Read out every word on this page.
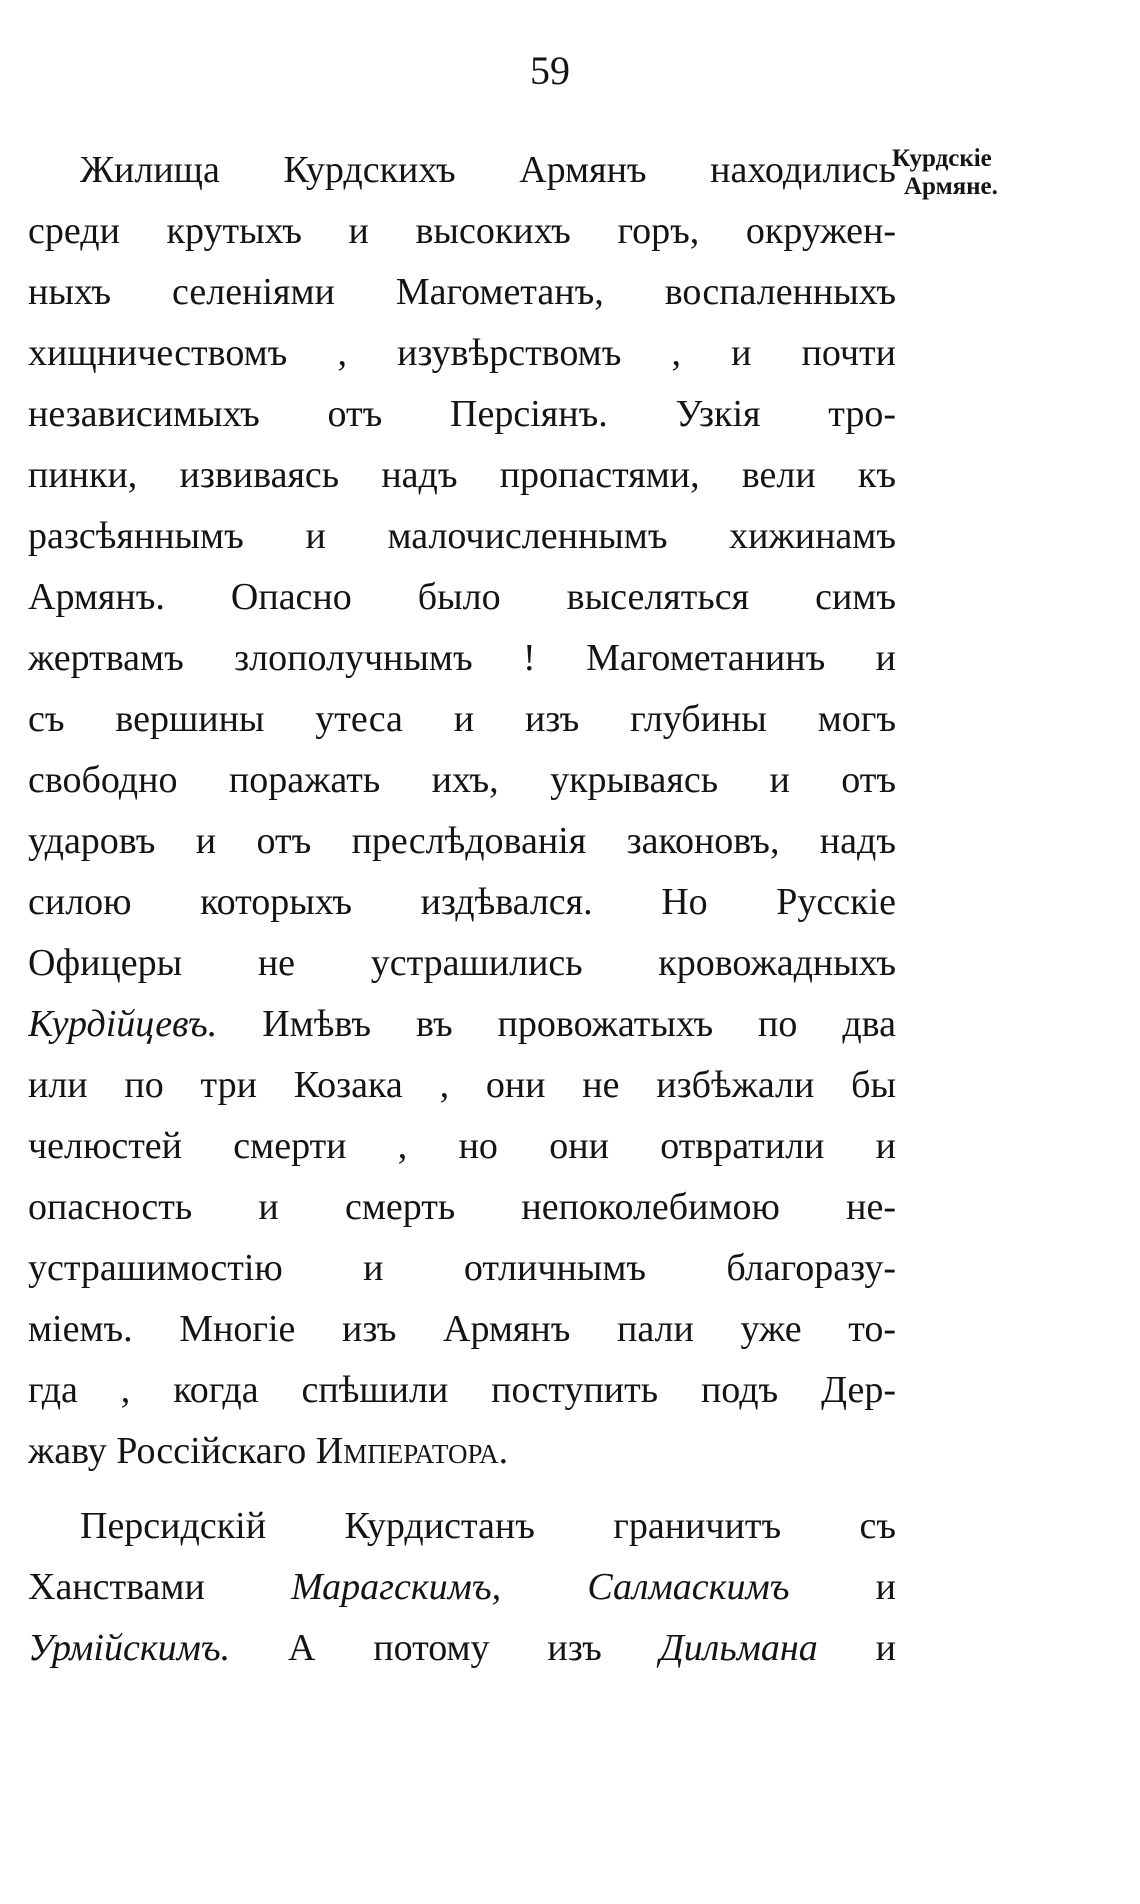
59
Курдскіе
Армяне.
Жилища Курдскихъ Армянъ находились
среди крутыхъ и высокихъ горъ, окружен-
ныхъ селеніями Магометанъ, воспаленныхъ
хищничествомъ , изувѣрствомъ , и почти
независимыхъ отъ Персіянъ. Узкія тро-
пинки, извиваясь надъ пропастями, вели къ
разсѣяннымъ и малочисленнымъ хижинамъ
Армянъ. Опасно было выселяться симъ
жертвамъ злополучнымъ ! Магометанинъ и
съ вершины утеса и изъ глубины могъ
свободно поражать ихъ, укрываясь и отъ
ударовъ и отъ преслѣдованія законовъ, надъ
силою которыхъ издѣвался. Но Русскіе
Офицеры не устрашились кровожадныхъ
Курдійцевъ. Имѣвъ въ провожатыхъ по два
или по три Козака , они не избѣжали бы
челюстей смерти , но они отвратили и
опасность и смерть непоколебимою не-
устрашимостію и отличнымъ благоразу-
міемъ. Многіе изъ Армянъ пали уже то-
гда , когда спѣшили поступить подъ Дер-
жаву Россійскаго Императора.
Персидскій Курдистанъ граничитъ съ
Ханствами Марагскимъ, Салмаскимъ и
Урмійскимъ. А потому изъ Дильмана и
